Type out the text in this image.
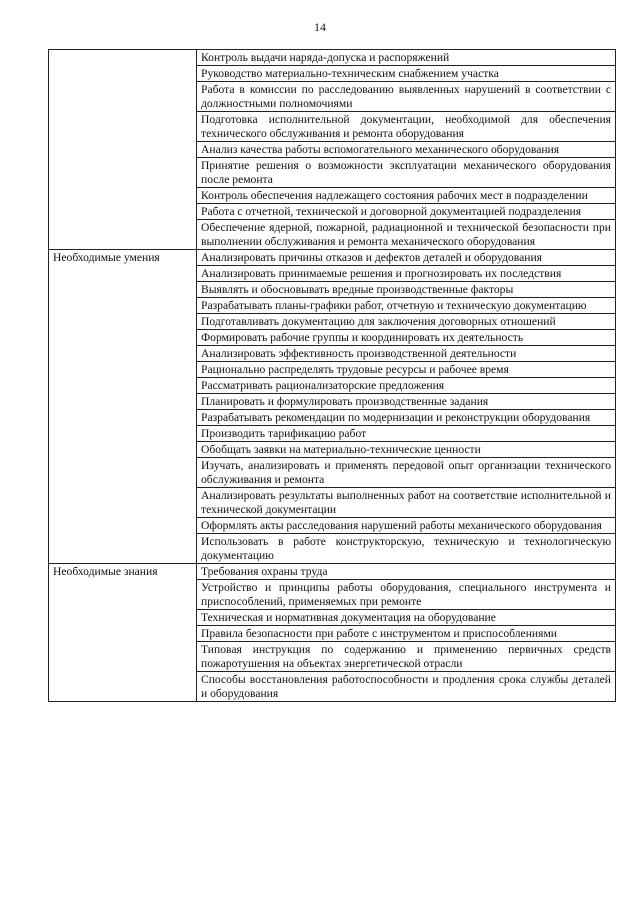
14
	Контроль выдачи наряда-допуска и распоряжений
	Руководство материально-техническим снабжением участка
	Работа в комиссии по расследованию выявленных нарушений в соответствии с должностными полномочиями
	Подготовка исполнительной документации, необходимой для обеспечения технического обслуживания и ремонта оборудования
	Анализ качества работы вспомогательного механического оборудования
	Принятие решения о возможности эксплуатации механического оборудования после ремонта
	Контроль обеспечения надлежащего состояния рабочих мест в подразделении
	Работа с отчетной, технической и договорной документацией подразделения
	Обеспечение ядерной, пожарной, радиационной и технической безопасности при выполнении обслуживания и ремонта механического оборудования
Необходимые умения	Анализировать причины отказов и дефектов деталей и оборудования
	Анализировать принимаемые решения и прогнозировать их последствия
	Выявлять и обосновывать вредные производственные факторы
	Разрабатывать планы-графики работ, отчетную и техническую документацию
	Подготавливать документацию для заключения договорных отношений
	Формировать рабочие группы и координировать их деятельность
	Анализировать эффективность производственной деятельности
	Рационально распределять трудовые ресурсы и рабочее время
	Рассматривать рационализаторские предложения
	Планировать и формулировать производственные задания
	Разрабатывать рекомендации по модернизации и реконструкции оборудования
	Производить тарификацию работ
	Обобщать заявки на материально-технические ценности
	Изучать, анализировать и применять передовой опыт организации технического обслуживания и ремонта
	Анализировать результаты выполненных работ на соответствие исполнительной и технической документации
	Оформлять акты расследования нарушений работы механического оборудования
	Использовать в работе конструкторскую, техническую и технологическую документацию
Необходимые знания	Требования охраны труда
	Устройство и принципы работы оборудования, специального инструмента и приспособлений, применяемых при ремонте
	Техническая и нормативная документация на оборудование
	Правила безопасности при работе с инструментом и приспособлениями
	Типовая инструкция по содержанию и применению первичных средств пожаротушения на объектах энергетической отрасли
	Способы восстановления работоспособности и продления срока службы деталей и оборудования
